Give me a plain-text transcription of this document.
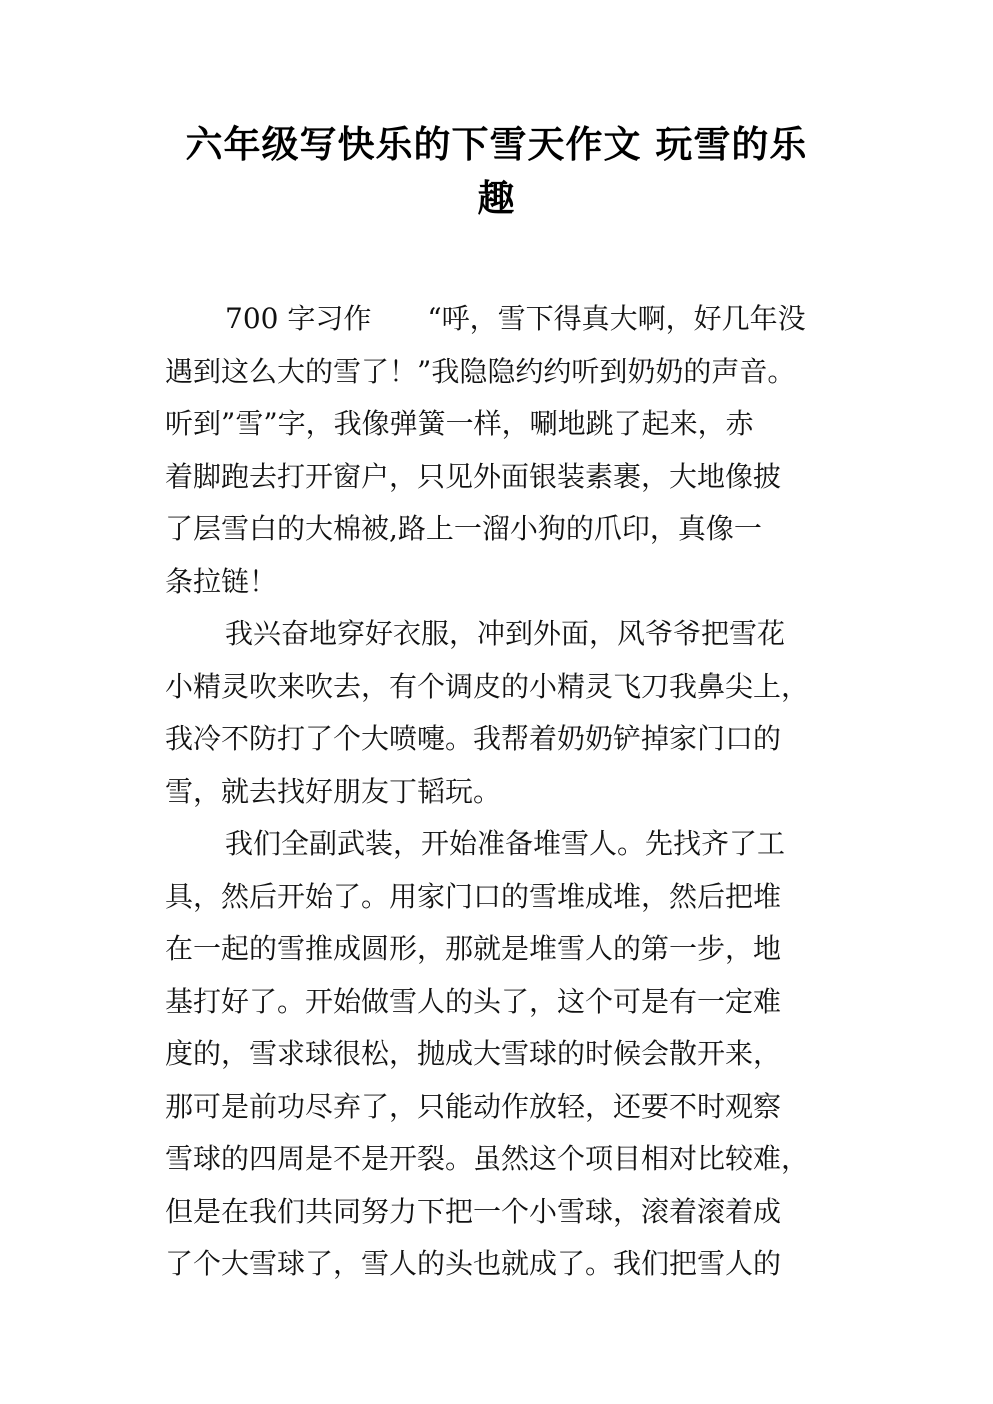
六年级写快乐的下雪天作文 玩雪的乐
趣
700 字习作　　“呼，雪下得真大啊，好几年没
遇到这么大的雪了！”我隐隐约约听到奶奶的声音。
听到”雪”字，我像弹簧一样，唰地跳了起来，赤
着脚跑去打开窗户，只见外面银装素裹，大地像披
了层雪白的大棉被,路上一溜小狗的爪印，真像一
条拉链！
我兴奋地穿好衣服，冲到外面，风爷爷把雪花
小精灵吹来吹去，有个调皮的小精灵飞刀我鼻尖上，
我冷不防打了个大喷嚏。我帮着奶奶铲掉家门口的
雪，就去找好朋友丁韬玩。
我们全副武装，开始准备堆雪人。先找齐了工
具，然后开始了。用家门口的雪堆成堆，然后把堆
在一起的雪推成圆形，那就是堆雪人的第一步，地
基打好了。开始做雪人的头了，这个可是有一定难
度的，雪求球很松，抛成大雪球的时候会散开来，
那可是前功尽弃了，只能动作放轻，还要不时观察
雪球的四周是不是开裂。虽然这个项目相对比较难，
但是在我们共同努力下把一个小雪球，滚着滚着成
了个大雪球了，雪人的头也就成了。我们把雪人的
